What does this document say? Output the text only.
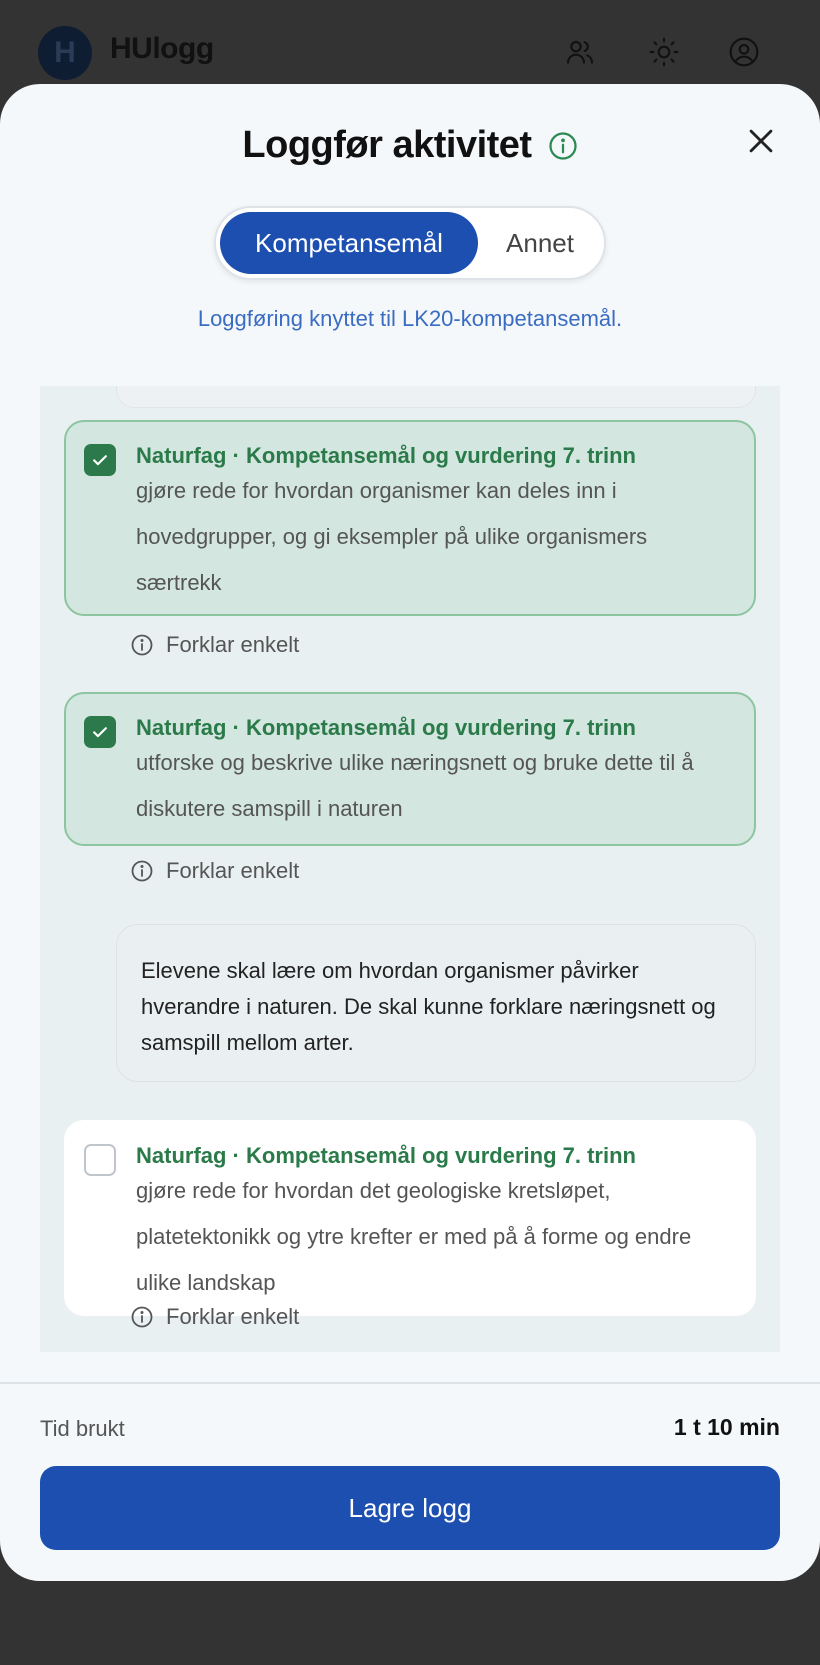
H HUlogg
Loggfør aktivitet
Kompetansemål	Annet
Loggføring knyttet til LK20-kompetansemål.
Naturfag · Kompetansemål og vurdering 7. trinn
gjøre rede for hvordan organismer kan deles inn i hovedgrupper, og gi eksempler på ulike organismers særtrekk
Forklar enkelt
Naturfag · Kompetansemål og vurdering 7. trinn
utforske og beskrive ulike næringsnett og bruke dette til å diskutere samspill i naturen
Forklar enkelt
Elevene skal lære om hvordan organismer påvirker hverandre i naturen. De skal kunne forklare næringsnett og samspill mellom arter.
Naturfag · Kompetansemål og vurdering 7. trinn
gjøre rede for hvordan det geologiske kretsløpet, platetektonikk og ytre krefter er med på å forme og endre ulike landskap
Forklar enkelt
Tid brukt	1 t 10 min
Lagre logg
